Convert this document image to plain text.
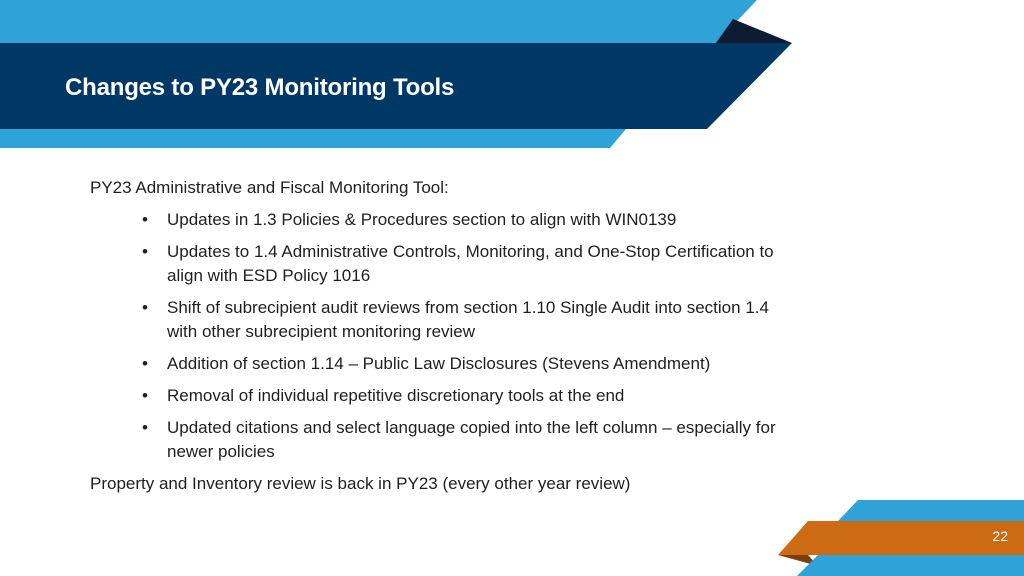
Changes to PY23 Monitoring Tools

PY23 Administrative and Fiscal Monitoring Tool:

• Updates in 1.3 Policies & Procedures section to align with WIN0139
• Updates to 1.4 Administrative Controls, Monitoring, and One-Stop Certification to align with ESD Policy 1016
• Shift of subrecipient audit reviews from section 1.10 Single Audit into section 1.4 with other subrecipient monitoring review
• Addition of section 1.14 – Public Law Disclosures (Stevens Amendment)
• Removal of individual repetitive discretionary tools at the end
• Updated citations and select language copied into the left column – especially for newer policies

Property and Inventory review is back in PY23 (every other year review)

22
